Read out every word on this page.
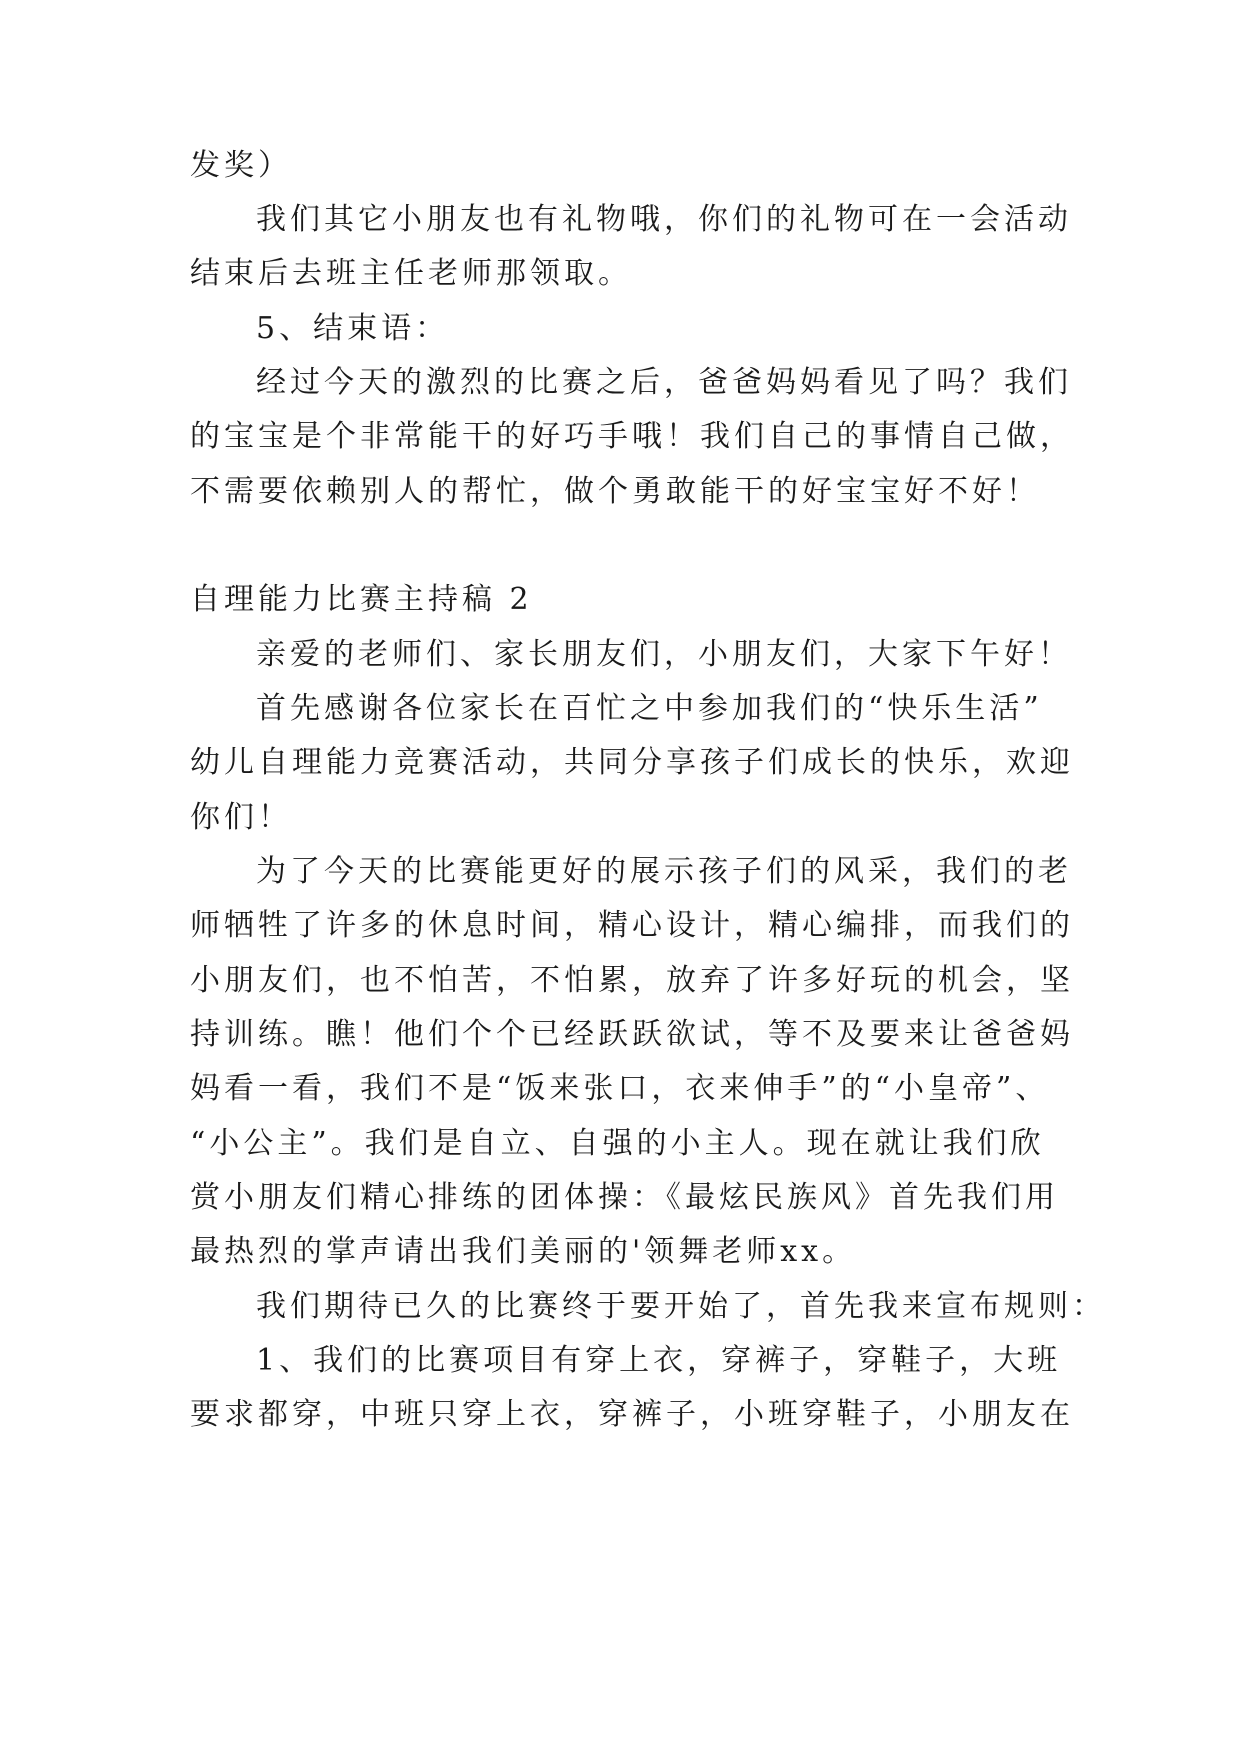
发奖）
我们其它小朋友也有礼物哦，你们的礼物可在一会活动
结束后去班主任老师那领取。
5、结束语：
经过今天的激烈的比赛之后，爸爸妈妈看见了吗？我们
的宝宝是个非常能干的好巧手哦！我们自己的事情自己做，
不需要依赖别人的帮忙，做个勇敢能干的好宝宝好不好！
自理能力比赛主持稿 2
亲爱的老师们、家长朋友们，小朋友们，大家下午好！
首先感谢各位家长在百忙之中参加我们的“快乐生活”
幼儿自理能力竞赛活动，共同分享孩子们成长的快乐，欢迎
你们！
为了今天的比赛能更好的展示孩子们的风采，我们的老
师牺牲了许多的休息时间，精心设计，精心编排，而我们的
小朋友们，也不怕苦，不怕累，放弃了许多好玩的机会，坚
持训练。瞧！他们个个已经跃跃欲试，等不及要来让爸爸妈
妈看一看，我们不是“饭来张口，衣来伸手”的“小皇帝”、
“小公主”。我们是自立、自强的小主人。现在就让我们欣
赏小朋友们精心排练的团体操：《最炫民族风》首先我们用
最热烈的掌声请出我们美丽的'领舞老师xx。
我们期待已久的比赛终于要开始了，首先我来宣布规则：
1、我们的比赛项目有穿上衣，穿裤子，穿鞋子，大班
要求都穿，中班只穿上衣，穿裤子，小班穿鞋子，小朋友在
